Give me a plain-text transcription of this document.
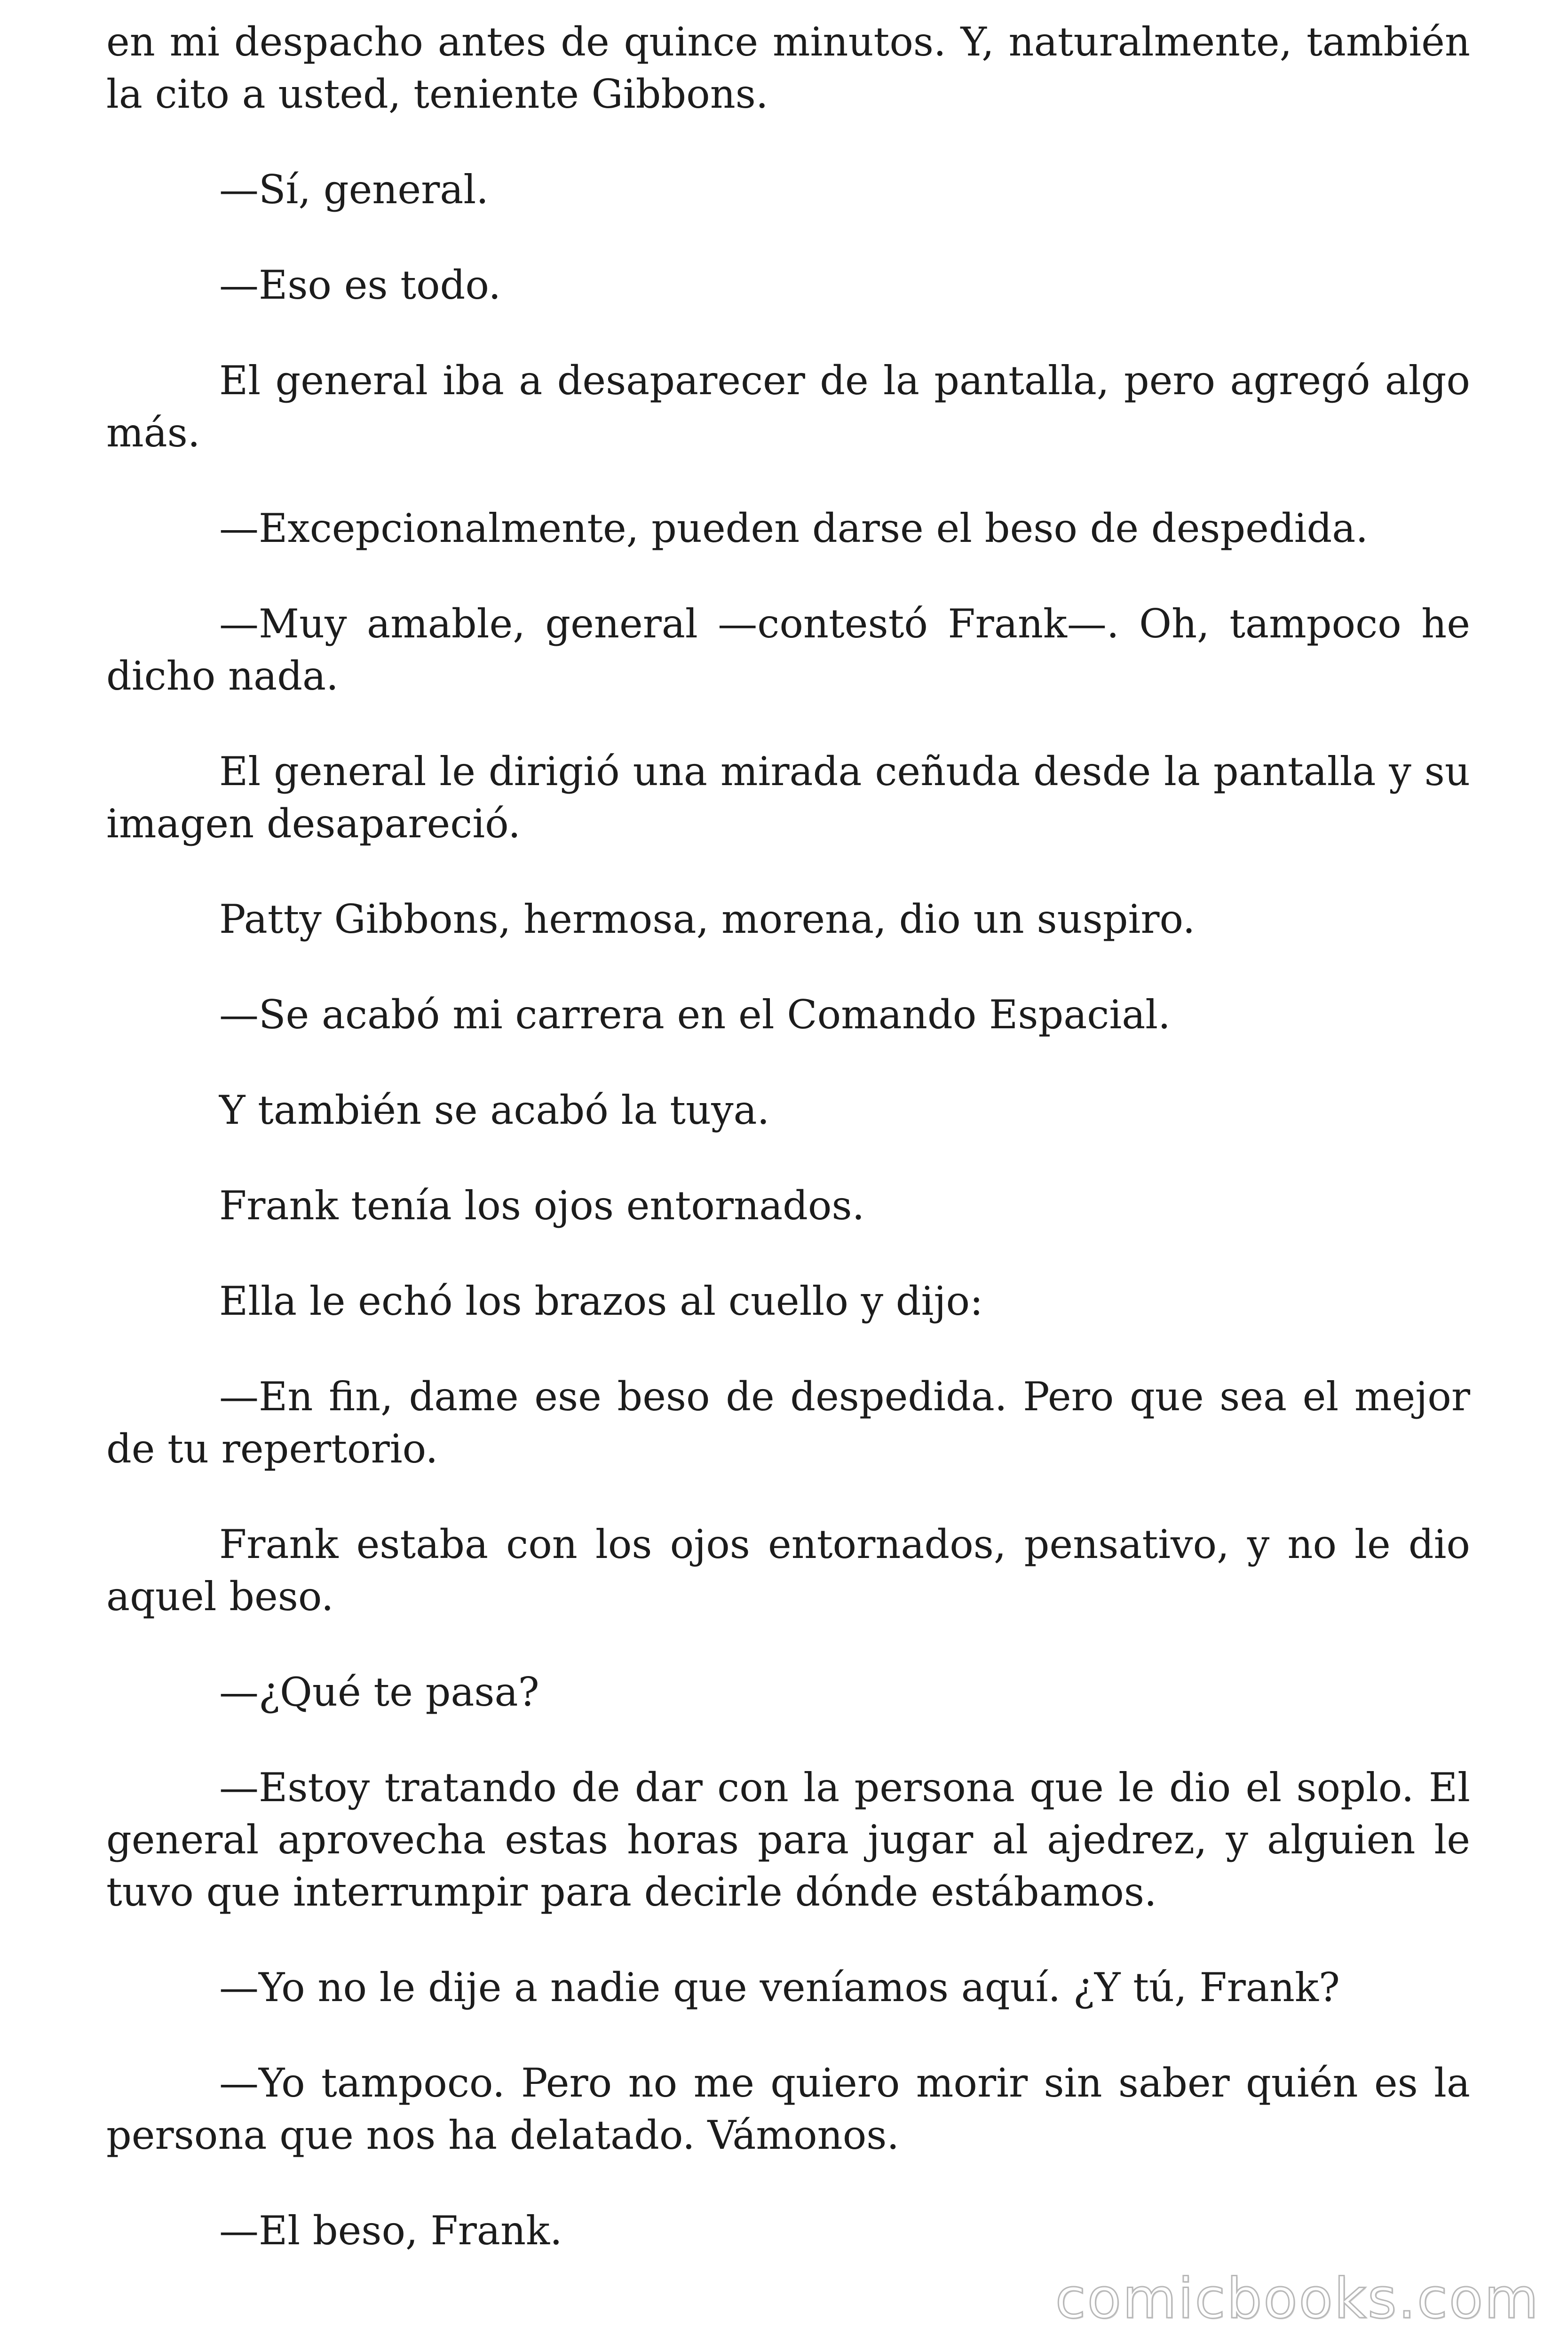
en mi despacho antes de quince minutos. Y, naturalmente, también la cito a usted, teniente Gibbons.

—Sí, general.

—Eso es todo.

El general iba a desaparecer de la pantalla, pero agregó algo más.

—Excepcionalmente, pueden darse el beso de despedida.

—Muy amable, general —contestó Frank—. Oh, tampoco he dicho nada.

El general le dirigió una mirada ceñuda desde la pantalla y su imagen desapareció.

Patty Gibbons, hermosa, morena, dio un suspiro.

—Se acabó mi carrera en el Comando Espacial.

Y también se acabó la tuya.

Frank tenía los ojos entornados.

Ella le echó los brazos al cuello y dijo:

—En fin, dame ese beso de despedida. Pero que sea el mejor de tu repertorio.

Frank estaba con los ojos entornados, pensativo, y no le dio aquel beso.

—¿Qué te pasa?

—Estoy tratando de dar con la persona que le dio el soplo. El general aprovecha estas horas para jugar al ajedrez, y alguien le tuvo que interrumpir para decirle dónde estábamos.

—Yo no le dije a nadie que veníamos aquí. ¿Y tú, Frank?

—Yo tampoco. Pero no me quiero morir sin saber quién es la persona que nos ha delatado. Vámonos.

—El beso, Frank.

comicbooks.com
